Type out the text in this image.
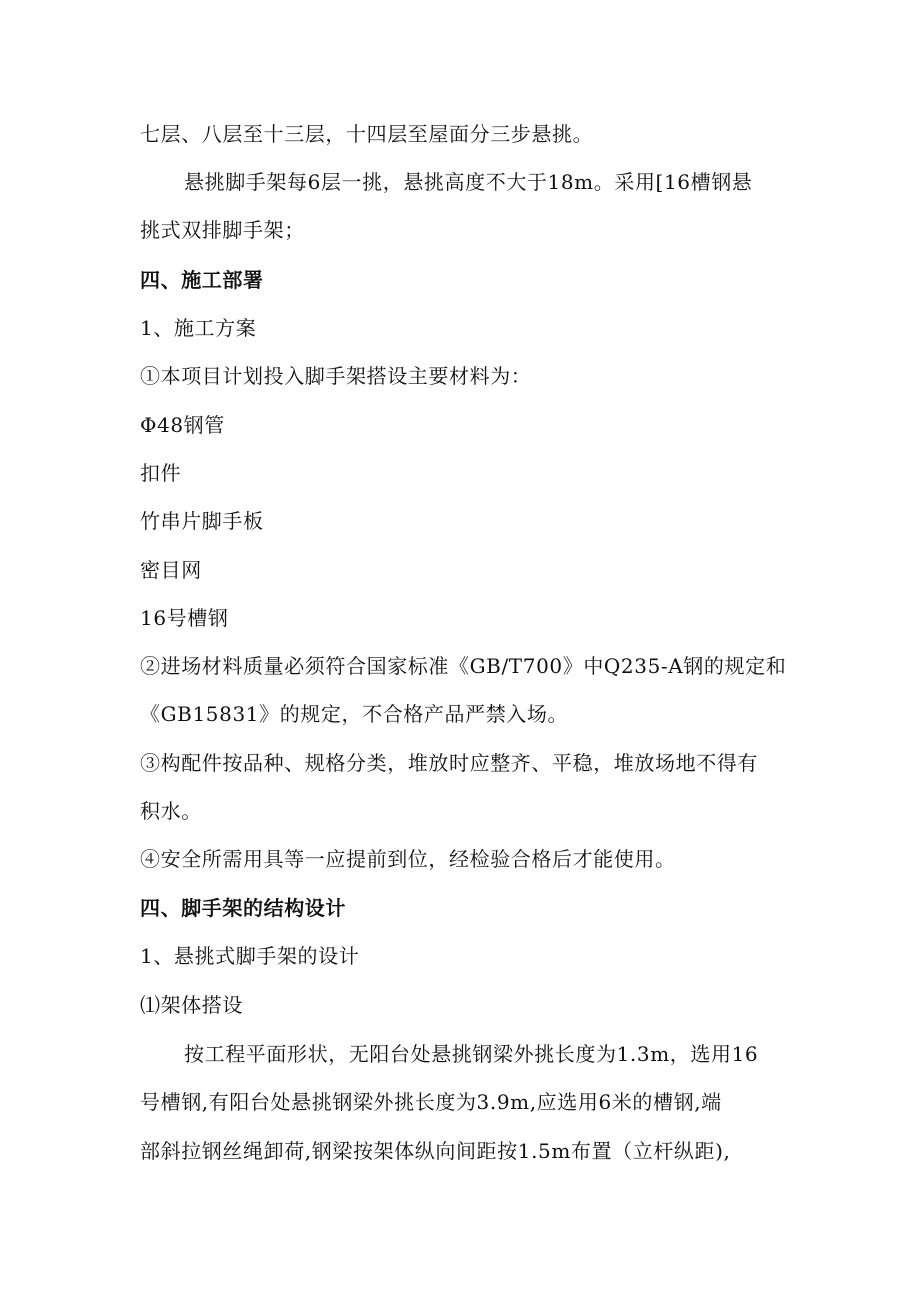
七层、八层至十三层，十四层至屋面分三步悬挑。
悬挑脚手架每6层一挑，悬挑高度不大于18m。采用[16槽钢悬
挑式双排脚手架；
四、施工部署
1、施工方案
①本项目计划投入脚手架搭设主要材料为：
Φ48钢管
扣件
竹串片脚手板
密目网
16号槽钢
②进场材料质量必须符合国家标准《GB/T700》中Q235-A钢的规定和
《GB15831》的规定，不合格产品严禁入场。
③构配件按品种、规格分类，堆放时应整齐、平稳，堆放场地不得有
积水。
④安全所需用具等一应提前到位，经检验合格后才能使用。
四、脚手架的结构设计
1、悬挑式脚手架的设计
⑴架体搭设
按工程平面形状，无阳台处悬挑钢梁外挑长度为1.3m，选用16
号槽钢,有阳台处悬挑钢梁外挑长度为3.9m,应选用6米的槽钢,端
部斜拉钢丝绳卸荷,钢梁按架体纵向间距按1.5m布置（立杆纵距),
